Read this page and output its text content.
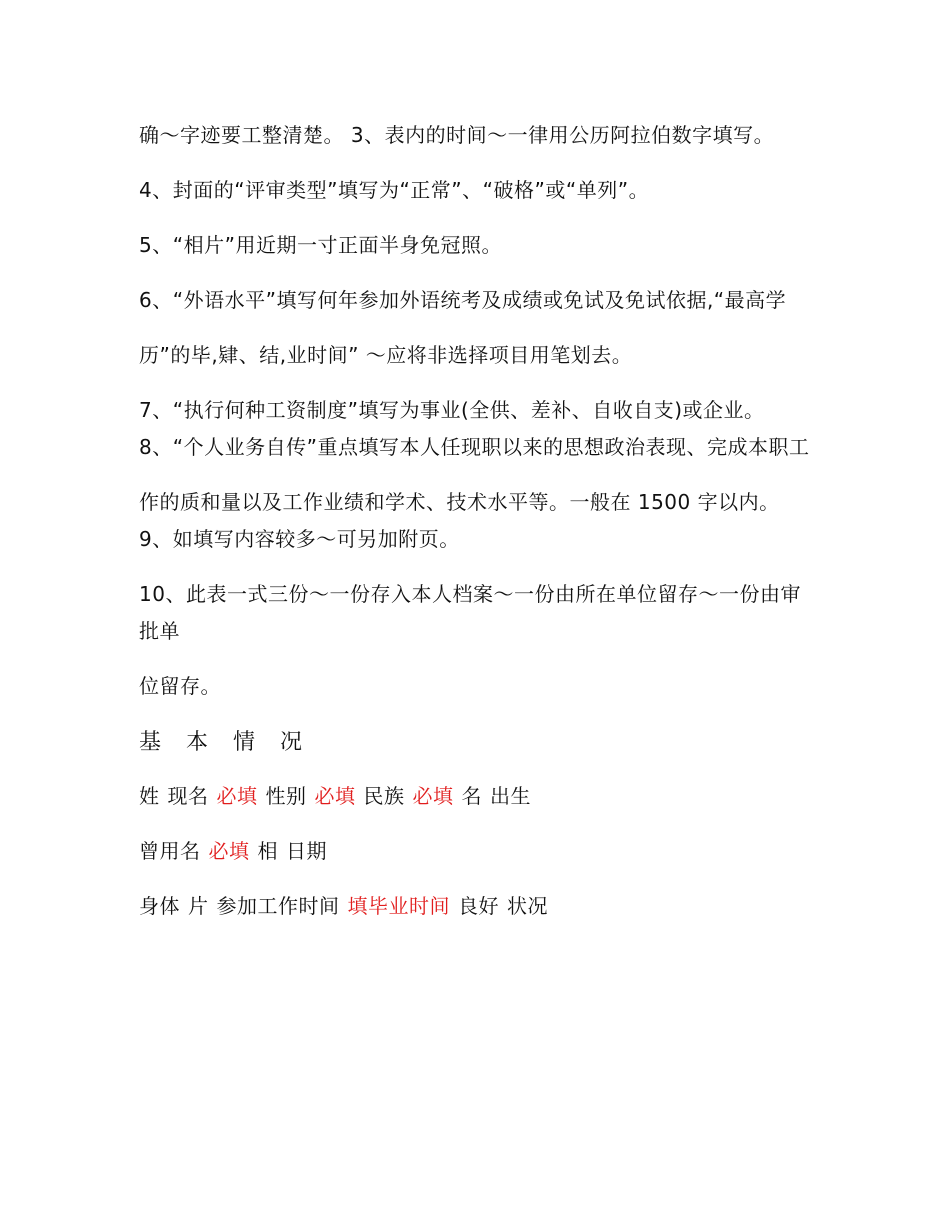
确～字迹要工整清楚。 3、表内的时间～一律用公历阿拉伯数字填写。

4、封面的“评审类型”填写为“正常”、“破格”或“单列”。

5、“相片”用近期一寸正面半身免冠照。

6、“外语水平”填写何年参加外语统考及成绩或免试及免试依据,“最高学

历”的毕,肄、结,业时间” ～应将非选择项目用笔划去。

7、“执行何种工资制度”填写为事业(全供、差补、自收自支)或企业。 8、“个人业务自传”重点填写本人任现职以来的思想政治表现、完成本职工

作的质和量以及工作业绩和学术、技术水平等。一般在 1500 字以内。 9、如填写内容较多～可另加附页。

10、此表一式三份～一份存入本人档案～一份由所在单位留存～一份由审批单

位留存。

基 本 情 况
姓 现名 必填 性别 必填 民族 必填 名 出生
曾用名 必填 相 日期
身体 片 参加工作时间 填毕业时间 良好 状况
